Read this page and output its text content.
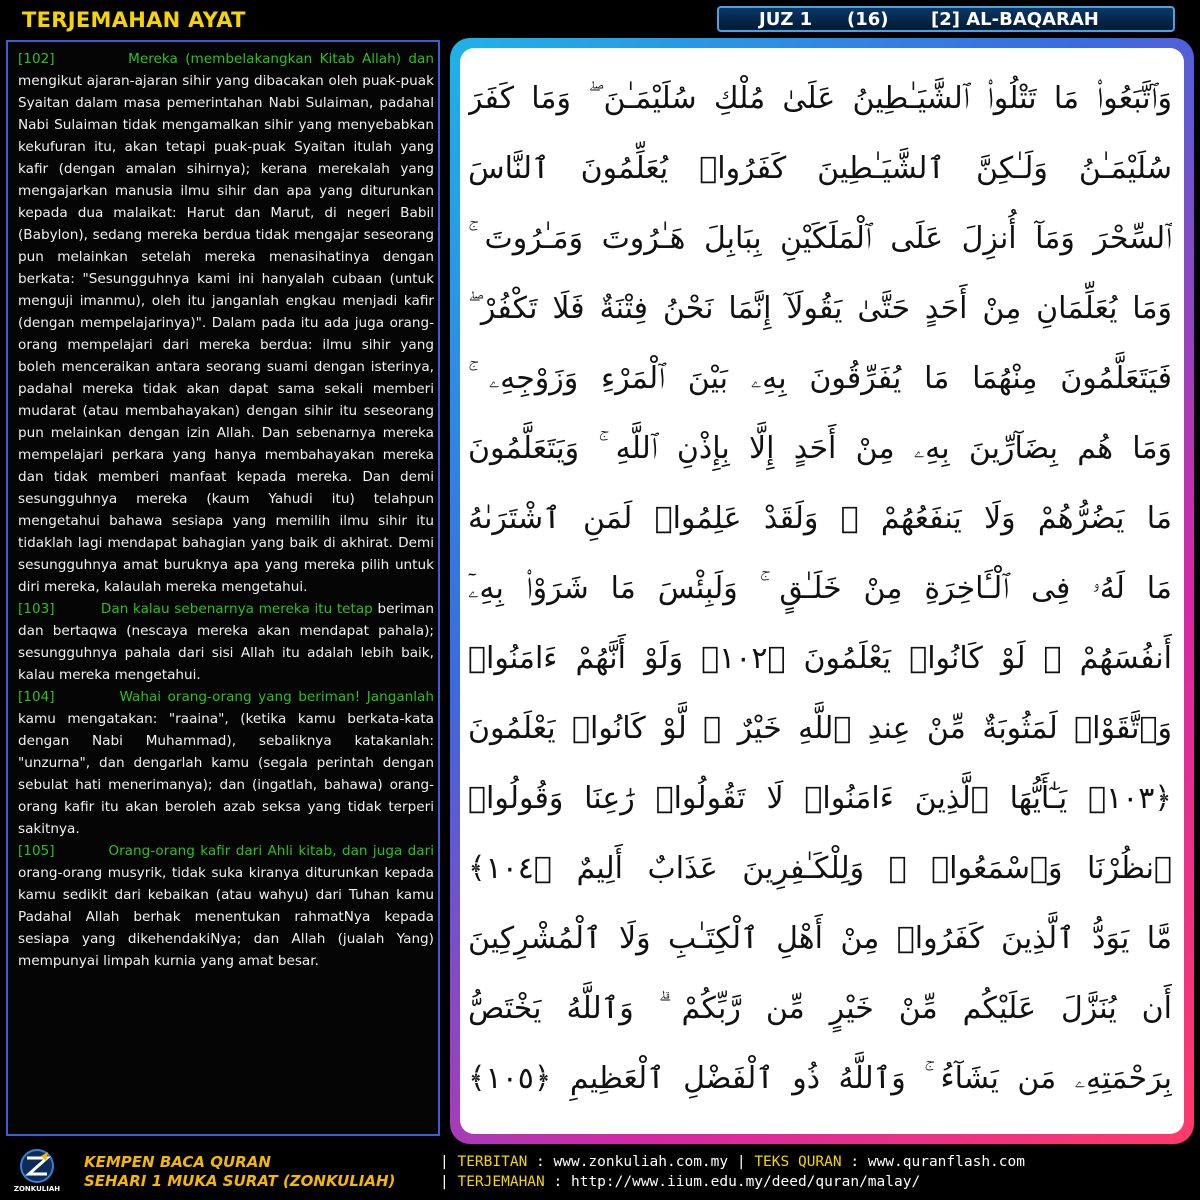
TERJEMAHAN AYAT	JUZ 1 (16) [2] AL-BAQARAH

[102]	Mereka (membelakangkan Kitab Allah) dan mengikut ajaran-ajaran sihir yang dibacakan oleh puak-puak Syaitan dalam masa pemerintahan Nabi Sulaiman, padahal Nabi Sulaiman tidak mengamalkan sihir yang menyebabkan kekufuran itu, akan tetapi puak-puak Syaitan itulah yang kafir (dengan amalan sihirnya); kerana merekalah yang mengajarkan manusia ilmu sihir dan apa yang diturunkan kepada dua malaikat: Harut dan Marut, di negeri Babil (Babylon), sedang mereka berdua tidak mengajar seseorang pun melainkan setelah mereka menasihatinya dengan berkata: "Sesungguhnya kami ini hanyalah cubaan (untuk menguji imanmu), oleh itu janganlah engkau menjadi kafir (dengan mempelajarinya)". Dalam pada itu ada juga orang-orang mempelajari dari mereka berdua: ilmu sihir yang boleh menceraikan antara seorang suami dengan isterinya, padahal mereka tidak akan dapat sama sekali memberi mudarat (atau membahayakan) dengan sihir itu seseorang pun melainkan dengan izin Allah. Dan sebenarnya mereka mempelajari perkara yang hanya membahayakan mereka dan tidak memberi manfaat kepada mereka. Dan demi sesungguhnya mereka (kaum Yahudi itu) telahpun mengetahui bahawa sesiapa yang memilih ilmu sihir itu tidaklah lagi mendapat bahagian yang baik di akhirat. Demi sesungguhnya amat buruknya apa yang mereka pilih untuk diri mereka, kalaulah mereka mengetahui.

[103]	Dan kalau sebenarnya mereka itu tetap beriman dan bertaqwa (nescaya mereka akan mendapat pahala); sesungguhnya pahala dari sisi Allah itu adalah lebih baik, kalau mereka mengetahui.

[104]	Wahai orang-orang yang beriman! Janganlah kamu mengatakan: "raaina", (ketika kamu berkata-kata dengan Nabi Muhammad), sebaliknya katakanlah: "unzurna", dan dengarlah kamu (segala perintah dengan sebulat hati menerimanya); dan (ingatlah, bahawa) orang-orang kafir itu akan beroleh azab seksa yang tidak terperi sakitnya.

[105]	Orang-orang kafir dari Ahli kitab, dan juga dari orang-orang musyrik, tidak suka kiranya diturunkan kepada kamu sedikit dari kebaikan (atau wahyu) dari Tuhan kamu Padahal Allah berhak menentukan rahmatNya kepada sesiapa yang dikehendakiNya; dan Allah (jualah Yang) mempunyai limpah kurnia yang amat besar.

وَٱتَّبَعُوا۟ مَا تَتْلُوا۟ ٱلشَّيَـٰطِينُ عَلَىٰ مُلْكِ سُلَيْمَـٰنَ ۖ وَمَا كَفَرَ
سُلَيْمَـٰنُ وَلَـٰكِنَّ ٱلشَّيَـٰطِينَ كَفَرُوا۟ يُعَلِّمُونَ ٱلنَّاسَ
ٱلسِّحْرَ وَمَآ أُنزِلَ عَلَى ٱلْمَلَكَيْنِ بِبَابِلَ هَـٰرُوتَ وَمَـٰرُوتَ ۚ
وَمَا يُعَلِّمَانِ مِنْ أَحَدٍ حَتَّىٰ يَقُولَآ إِنَّمَا نَحْنُ فِتْنَةٌ فَلَا تَكْفُرْ ۖ
فَيَتَعَلَّمُونَ مِنْهُمَا مَا يُفَرِّقُونَ بِهِۦ بَيْنَ ٱلْمَرْءِ وَزَوْجِهِۦ ۚ
وَمَا هُم بِضَآرِّينَ بِهِۦ مِنْ أَحَدٍ إِلَّا بِإِذْنِ ٱللَّهِ ۚ وَيَتَعَلَّمُونَ
مَا يَضُرُّهُمْ وَلَا يَنفَعُهُمْ ۚ وَلَقَدْ عَلِمُوا۟ لَمَنِ ٱشْتَرَىٰهُ
مَا لَهُۥ فِى ٱلْـَٔاخِرَةِ مِنْ خَلَـٰقٍ ۚ وَلَبِئْسَ مَا شَرَوْا۟ بِهِۦٓ
أَنفُسَهُمْ ۚ لَوْ كَانُوا۟ يَعْلَمُونَ ﴿١٠٢﴾ وَلَوْ أَنَّهُمْ ءَامَنُوا۟
وَٱتَّقَوْا۟ لَمَثُوبَةٌ مِّنْ عِندِ ٱللَّهِ خَيْرٌ ۖ لَّوْ كَانُوا۟ يَعْلَمُونَ
﴿١٠٣﴾ يَـٰٓأَيُّهَا ٱلَّذِينَ ءَامَنُوا۟ لَا تَقُولُوا۟ رَٰعِنَا وَقُولُوا۟
ٱنظُرْنَا وَٱسْمَعُوا۟ ۗ وَلِلْكَـٰفِرِينَ عَذَابٌ أَلِيمٌ ﴿١٠٤﴾
مَّا يَوَدُّ ٱلَّذِينَ كَفَرُوا۟ مِنْ أَهْلِ ٱلْكِتَـٰبِ وَلَا ٱلْمُشْرِكِينَ
أَن يُنَزَّلَ عَلَيْكُم مِّنْ خَيْرٍ مِّن رَّبِّكُمْ ۗ وَٱللَّهُ يَخْتَصُّ
بِرَحْمَتِهِۦ مَن يَشَآءُ ۚ وَٱللَّهُ ذُو ٱلْفَضْلِ ٱلْعَظِيمِ ﴿١٠٥﴾
ZONKULIAH
KEMPEN BACA QURAN
SEHARI 1 MUKA SURAT (ZONKULIAH)
| TERBITAN : www.zonkuliah.com.my | TEKS QURAN : www.quranflash.com
| TERJEMAHAN : http://www.iium.edu.my/deed/quran/malay/
